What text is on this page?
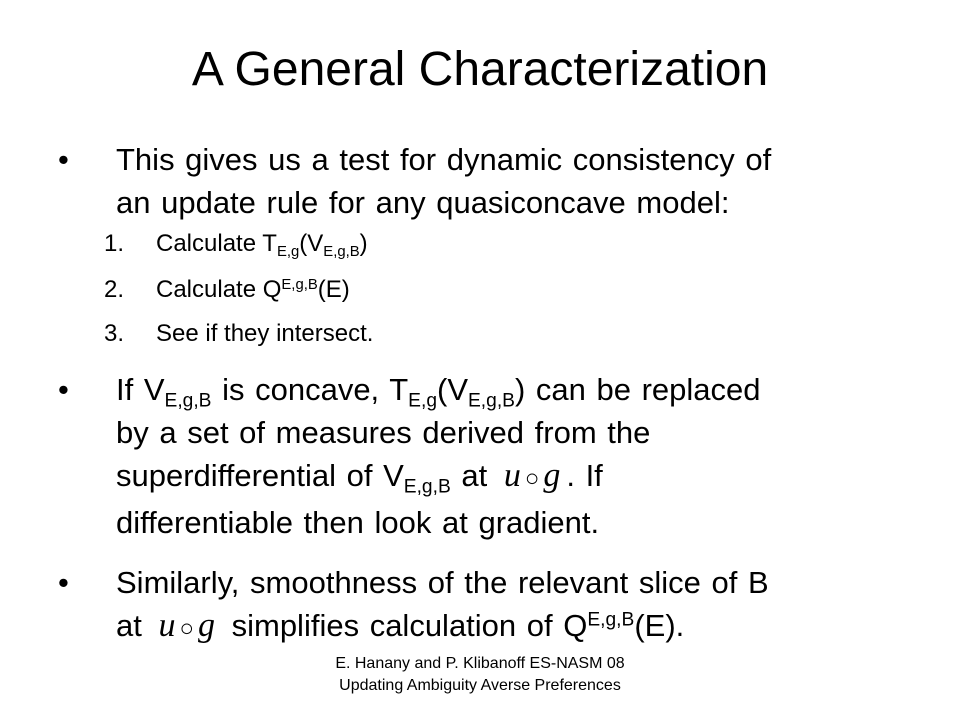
A General Characterization
• This gives us a test for dynamic consistency of
an update rule for any quasiconcave model:
1. Calculate $T_{E,g}(V_{E,g,B})$
2. Calculate $Q^{E,g,B}(E)$
3. See if they intersect.
• If $V_{E,g,B}$ is concave, $T_{E,g}(V_{E,g,B})$ can be replaced
by a set of measures derived from the
superdifferential of $V_{E,g,B}$ at u ○ g . If
differentiable then look at gradient.
• Similarly, smoothness of the relevant slice of B
at u ○ g simplifies calculation of $Q^{E,g,B}(E)$.
E. Hanany and P. Klibanoff ES-NASM 08
Updating Ambiguity Averse Preferences
